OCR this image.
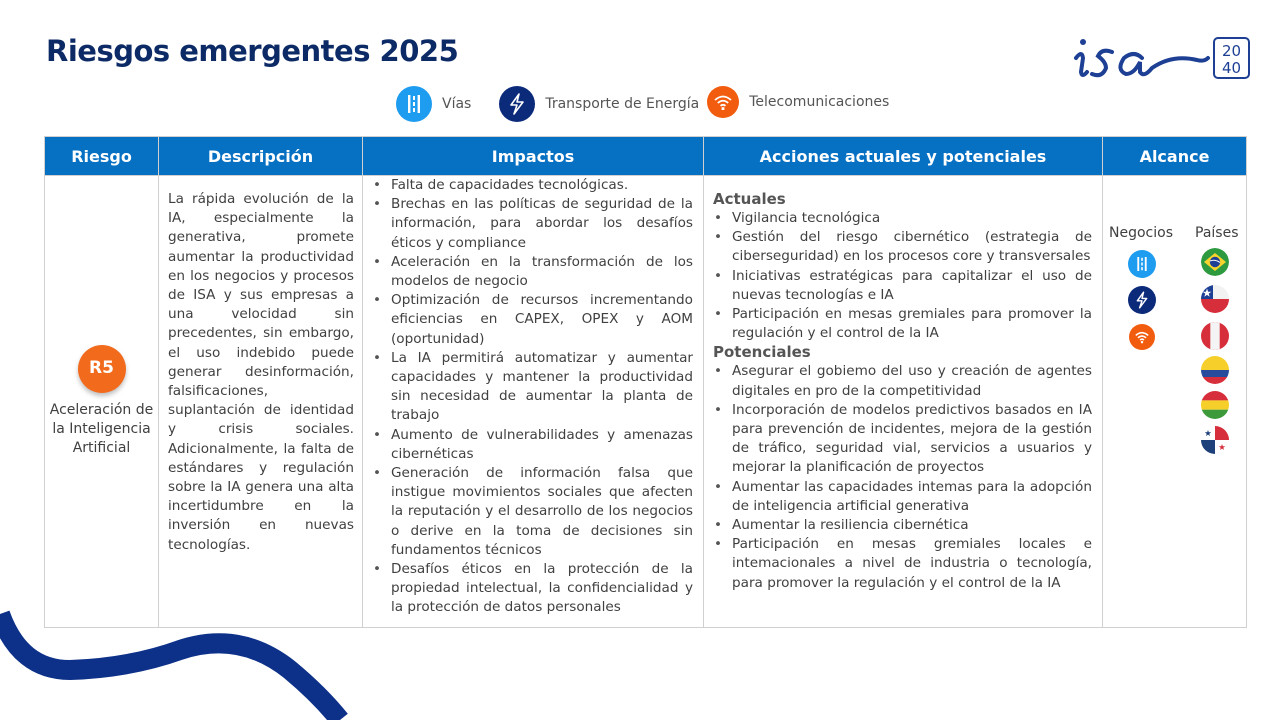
Riesgos emergentes 2025	20
40
Vías	Transporte de Energía	Telecomunicaciones
Riesgo	Descripción	Impactos	Acciones actuales y potenciales	Alcance

R5
Aceleración de la Inteligencia Artificial

La rápida evolución de la IA, especialmente la generativa, promete aumentar la productividad en los negocios y procesos de ISA y sus empresas a una velocidad sin precedentes, sin embargo, el uso indebido puede generar desinformación, falsificaciones, suplantación de identidad y crisis sociales. Adicionalmente, la falta de estándares y regulación sobre la IA genera una alta incertidumbre en la inversión en nuevas tecnologías.

• Falta de capacidades tecnológicas.
• Brechas en las políticas de seguridad de la información, para abordar los desafíos éticos y compliance
• Aceleración en la transformación de los modelos de negocio
• Optimización de recursos incrementando eficiencias en CAPEX, OPEX y AOM (oportunidad)
• La IA permitirá automatizar y aumentar capacidades y mantener la productividad sin necesidad de aumentar la planta de trabajo
• Aumento de vulnerabilidades y amenazas cibernéticas
• Generación de información falsa que instigue movimientos sociales que afecten la reputación y el desarrollo de los negocios o derive en la toma de decisiones sin fundamentos técnicos
• Desafíos éticos en la protección de la propiedad intelectual, la confidencialidad y la protección de datos personales

Actuales
• Vigilancia tecnológica
• Gestión del riesgo cibernético (estrategia de ciberseguridad) en los procesos core y transversales
• Iniciativas estratégicas para capitalizar el uso de nuevas tecnologías e IA
• Participación en mesas gremiales para promover la regulación y el control de la IA
Potenciales
• Asegurar el gobiemo del uso y creación de agentes digitales en pro de la competitividad
• Incorporación de modelos predictivos basados en IA para prevención de incidentes, mejora de la gestión de tráfico, seguridad vial, servicios a usuarios y mejorar la planificación de proyectos
• Aumentar las capacidades intemas para la adopción de inteligencia artificial generativa
• Aumentar la resiliencia cibernética
• Participación en mesas gremiales locales e intemacionales a nivel de industria o tecnología, para promover la regulación y el control de la IA

Negocios Países
